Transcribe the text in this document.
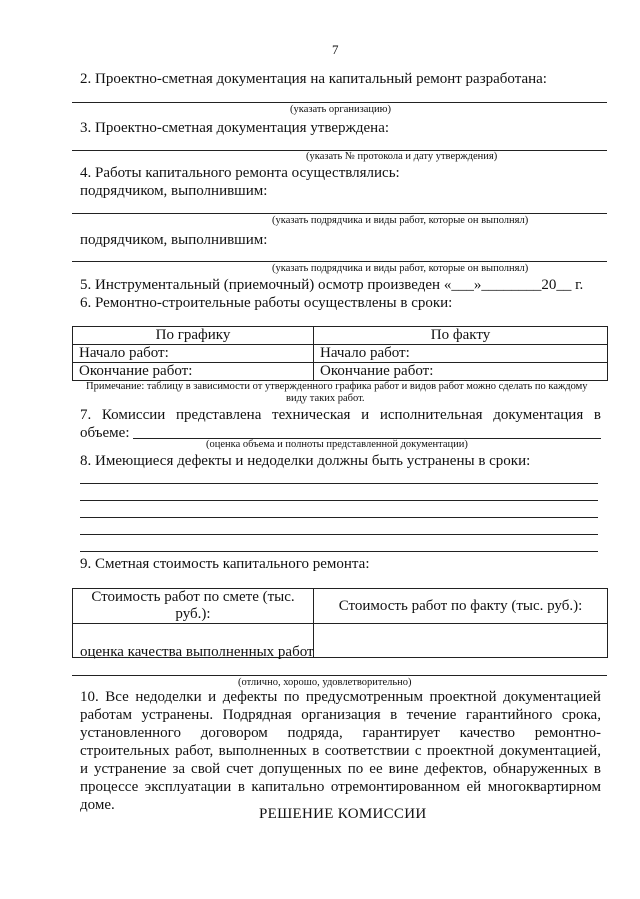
7
2. Проектно-сметная документация на капитальный ремонт разработана:
(указать организацию)
3. Проектно-сметная документация утверждена:
(указать № протокола и дату утверждения)
4. Работы капитального ремонта осуществлялись:
подрядчиком, выполнившим:
(указать подрядчика и виды работ, которые он выполнял)
подрядчиком, выполнившим:
(указать подрядчика и виды работ, которые он выполнял)
5. Инструментальный (приемочный) осмотр произведен «___»________20__ г.
6. Ремонтно-строительные работы осуществлены в сроки:
По графику	По факту
Начало работ:	Начало работ:
Окончание работ:	Окончание работ:
Примечание: таблицу в зависимости от утвержденного графика работ и видов работ можно сделать по каждому
виду таких работ.
7. Комиссии представлена техническая и исполнительная документация в
объеме:
(оценка объема и полноты представленной документации)
8. Имеющиеся дефекты и недоделки должны быть устранены в сроки:
9. Сметная стоимость капитального ремонта:
Стоимость работ по смете (тыс. руб.):	Стоимость работ по факту (тыс. руб.):

оценка качества выполненных работ
(отлично, хорошо, удовлетворительно)
10. Все недоделки и дефекты по предусмотренным проектной документацией
работам устранены. Подрядная организация в течение гарантийного срока,
установленного договором подряда, гарантирует качество ремонтно-
строительных работ, выполненных в соответствии с проектной документацией,
и устранение за свой счет допущенных по ее вине дефектов, обнаруженных в
процессе эксплуатации в капитально отремонтированном ей многоквартирном
доме.
РЕШЕНИЕ КОМИССИИ
